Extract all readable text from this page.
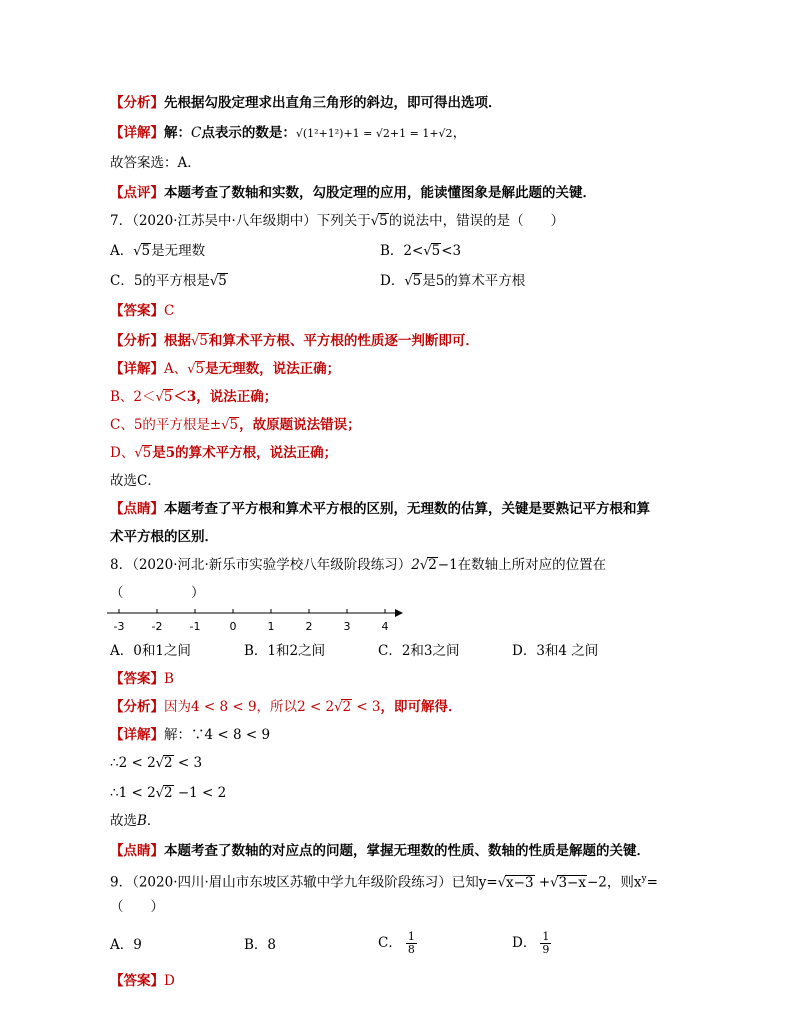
【分析】先根据勾股定理求出直角三角形的斜边，即可得出选项．
【详解】解：C点表示的数是：√(1²+1²)+1 = √2+1 = 1+√2，
故答案选：A．
【点评】本题考查了数轴和实数，勾股定理的应用，能读懂图象是解此题的关键．
7．（2020·江苏吴中·八年级期中）下列关于√5的说法中，错误的是（　　）
A．√5是无理数	B．2<√5<3
C．5的平方根是√5	D．√5是5的算术平方根
【答案】C
【分析】根据√5和算术平方根、平方根的性质逐一判断即可．
【详解】A、√5是无理数，说法正确；
B、2＜√5＜3，说法正确；
C、5的平方根是±√5，故原题说法错误；
D、√5是5的算术平方根，说法正确；
故选C．
【点睛】本题考查了平方根和算术平方根的区别，无理数的估算，关键是要熟记平方根和算
术平方根的区别．
8．（2020·河北·新乐市实验学校八年级阶段练习）2√2−1在数轴上所对应的位置在
（　　　　　）
-3 -2 -1	0	1	2	3	4
A．0和1之间	B．1和2之间	C．2和3之间	D．3和4 之间
【答案】B
【分析】因为4 < 8 < 9，所以2 < 2√2 < 3，即可解得．
【详解】解：∵4 < 8 < 9
∴2 < 2√2 < 3
∴1 < 2√2 −1 < 2
故选B．
【点睛】本题考查了数轴的对应点的问题，掌握无理数的性质、数轴的性质是解题的关键．
9．（2020·四川·眉山市东坡区苏辙中学九年级阶段练习）已知y=√x−3 +√3−x−2，则$x^y=$
（　　）
A．9	B．8	C． $\frac{1}{8}$	D． $\frac{1}{9}$
【答案】D
